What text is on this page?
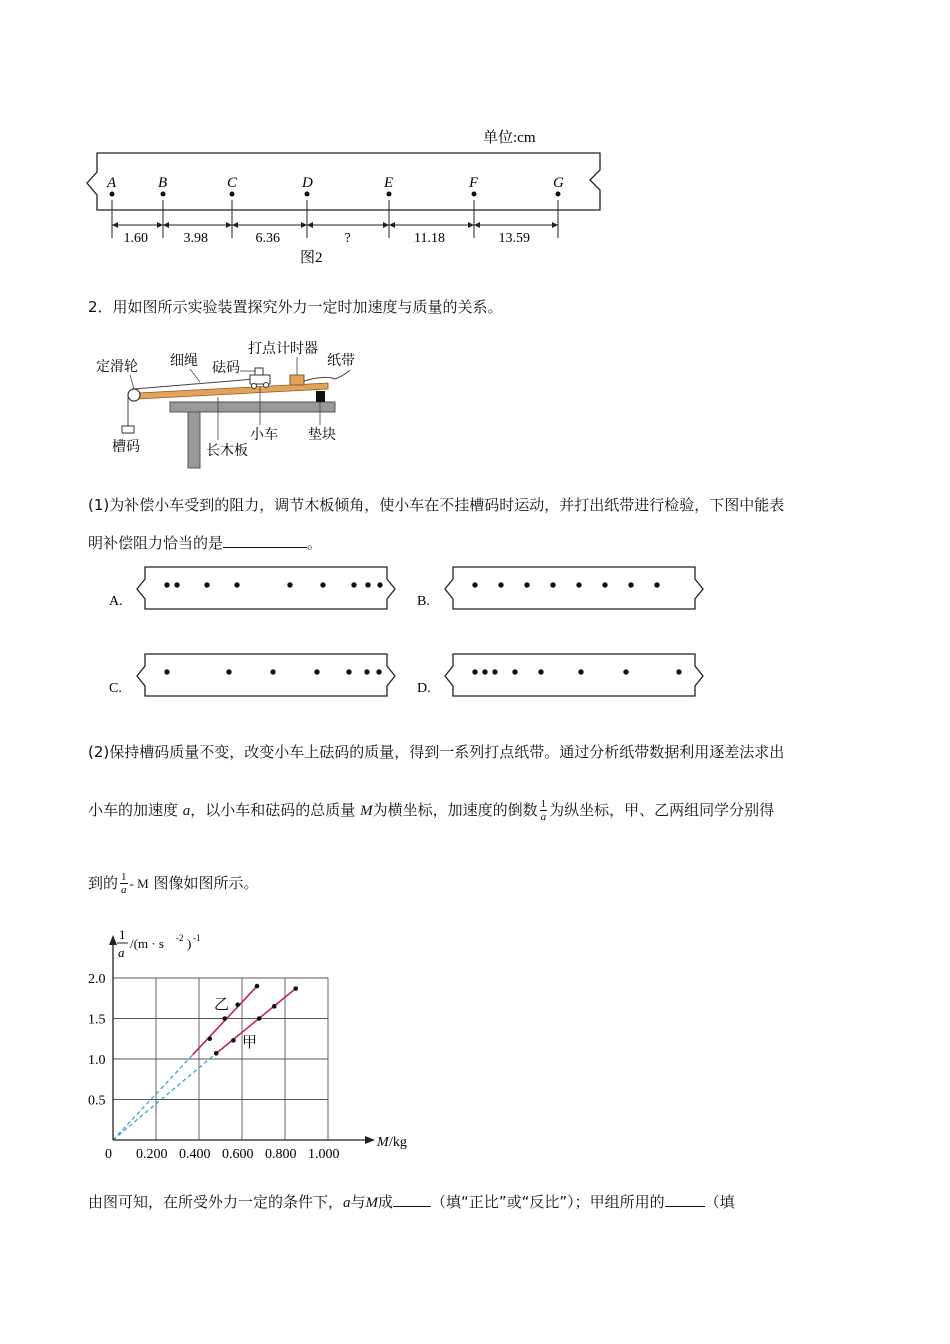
单位:cm
A	B	C	D	E	F	G
1.60	3.98	6.36	?	11.18	13.59
图2
2．用如图所示实验装置探究外力一定时加速度与质量的关系。
定滑轮 细绳 砝码
打点计时器
纸带
槽码	长木板
小车 垫块
(1)为补偿小车受到的阻力，调节木板倾角，使小车在不挂槽码时运动，并打出纸带进行检验，下图中能表
明补偿阻力恰当的是	。
A.	B.
C.	D.
(2)保持槽码质量不变，改变小车上砝码的质量，得到一系列打点纸带。通过分析纸带数据利用逐差法求出
小车的加速度 a，以小车和砝码的总质量 M为横坐标，加速度的倒数 $\frac{1}{a}$ 为纵坐标，甲、乙两组同学分别得
到的 $\frac{1}{a}$ - M 图像如图所示。
乙
甲
0 0.200 0.400 0.600 0.800 1.000
0.5
1.0
1.5
2.0
1
a
/(m · s -2 ) -1
M /kg
由图可知，在所受外力一定的条件下，a与M成	（填“正比”或“反比”）；甲组所用的	（填
